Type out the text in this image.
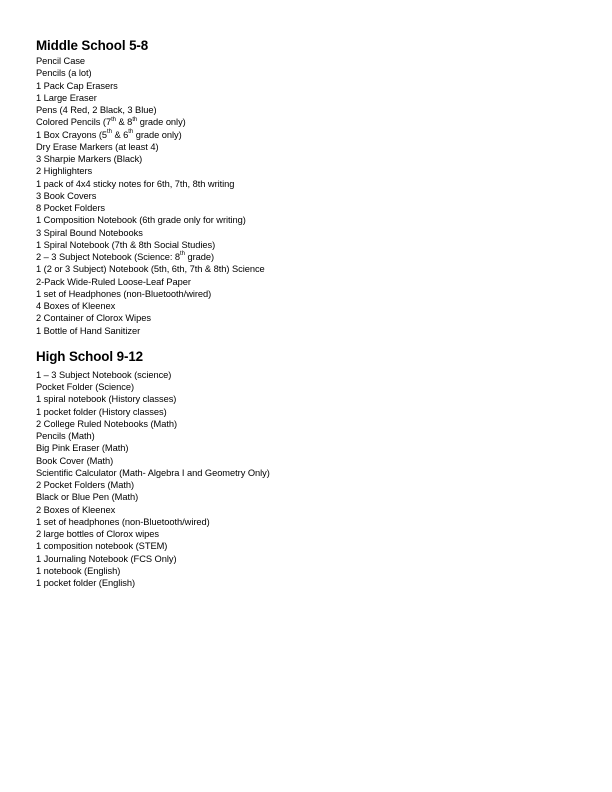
Middle School 5-8
Pencil Case
Pencils (a lot)
1 Pack Cap Erasers
1 Large Eraser
Pens (4 Red, 2 Black, 3 Blue)
Colored Pencils (7th & 8th grade only)
1 Box Crayons (5th & 6th grade only)
Dry Erase Markers (at least 4)
3 Sharpie Markers (Black)
2 Highlighters
1 pack of 4x4 sticky notes for 6th, 7th, 8th writing
3 Book Covers
8 Pocket Folders
1 Composition Notebook (6th grade only for writing)
3 Spiral Bound Notebooks
1 Spiral Notebook (7th & 8th Social Studies)
2 – 3 Subject Notebook (Science: 8th grade)
1 (2 or 3 Subject) Notebook (5th, 6th, 7th & 8th) Science
2-Pack Wide-Ruled Loose-Leaf Paper
1 set of Headphones (non-Bluetooth/wired)
4 Boxes of Kleenex
2 Container of Clorox Wipes
1 Bottle of Hand Sanitizer
High School 9-12
1 – 3 Subject Notebook (science)
Pocket Folder (Science)
1 spiral notebook (History classes)
1 pocket folder (History classes)
2 College Ruled Notebooks (Math)
Pencils (Math)
Big Pink Eraser (Math)
Book Cover (Math)
Scientific Calculator (Math- Algebra I and Geometry Only)
2 Pocket Folders (Math)
Black or Blue Pen (Math)
2 Boxes of Kleenex
1 set of headphones (non-Bluetooth/wired)
2 large bottles of Clorox wipes
1 composition notebook (STEM)
1 Journaling Notebook (FCS Only)
1 notebook (English)
1 pocket folder (English)
